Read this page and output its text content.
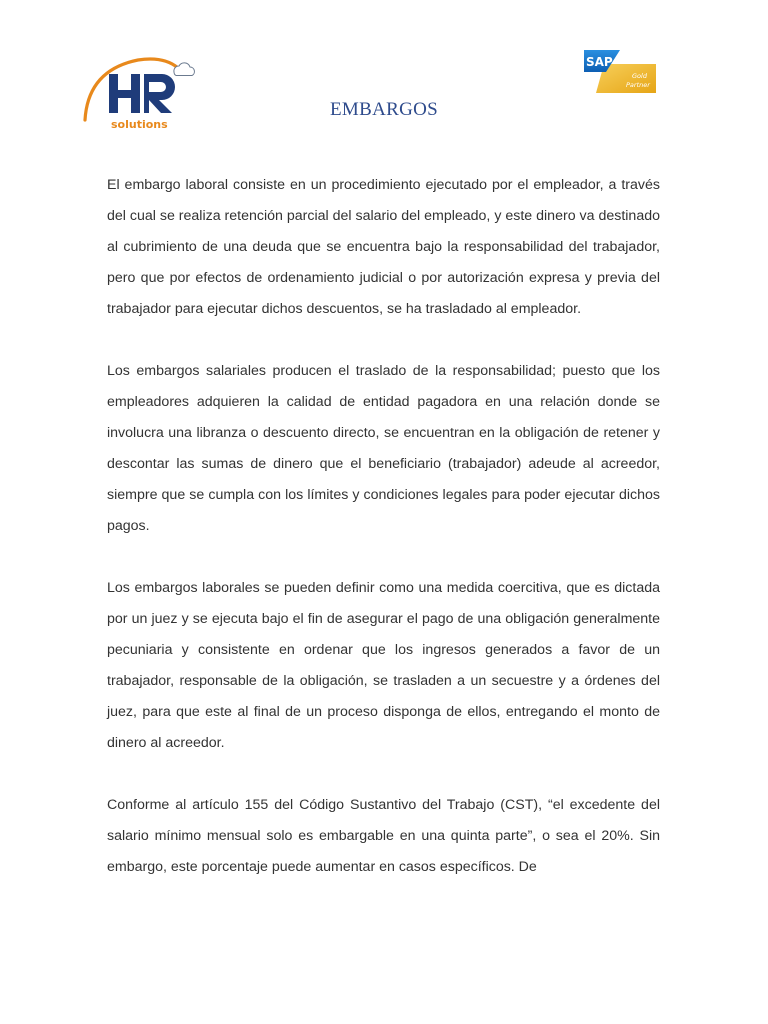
solutions
SAP
Gold
Partner
EMBARGOS

El embargo laboral consiste en un procedimiento ejecutado por el empleador, a través del cual se realiza retención parcial del salario del empleado, y este dinero va destinado al cubrimiento de una deuda que se encuentra bajo la responsabilidad del trabajador, pero que por efectos de ordenamiento judicial o por autorización expresa y previa del trabajador para ejecutar dichos descuentos, se ha trasladado al empleador.

Los embargos salariales producen el traslado de la responsabilidad; puesto que los empleadores adquieren la calidad de entidad pagadora en una relación donde se involucra una libranza o descuento directo, se encuentran en la obligación de retener y descontar las sumas de dinero que el beneficiario (trabajador) adeude al acreedor, siempre que se cumpla con los límites y condiciones legales para poder ejecutar dichos pagos.

Los embargos laborales se pueden definir como una medida coercitiva, que es dictada por un juez y se ejecuta bajo el fin de asegurar el pago de una obligación generalmente pecuniaria y consistente en ordenar que los ingresos generados a favor de un trabajador, responsable de la obligación, se trasladen a un secuestre y a órdenes del juez, para que este al final de un proceso disponga de ellos, entregando el monto de dinero al acreedor.

Conforme al artículo 155 del Código Sustantivo del Trabajo (CST), “el excedente del salario mínimo mensual solo es embargable en una quinta parte”, o sea el 20%. Sin embargo, este porcentaje puede aumentar en casos específicos. De
